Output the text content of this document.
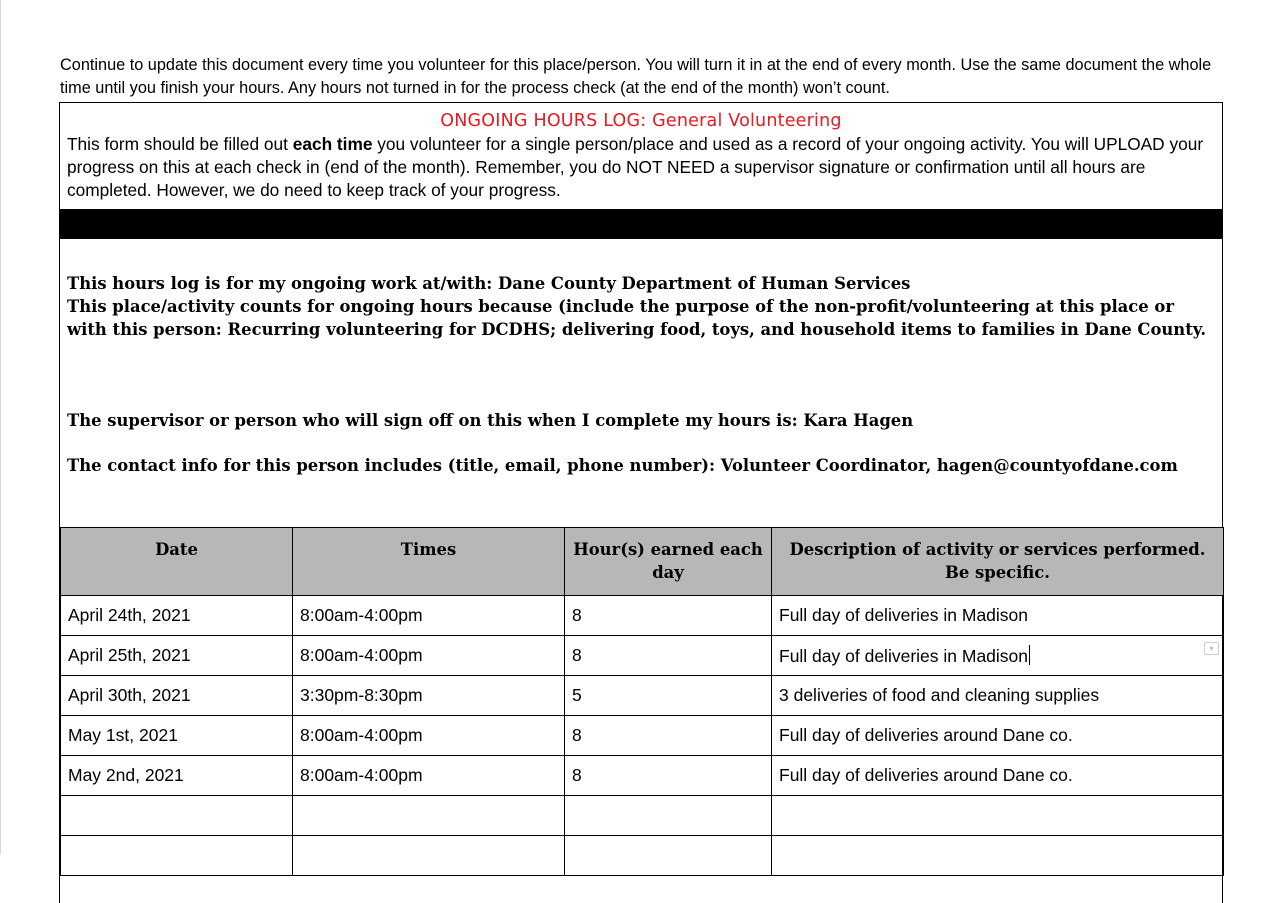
Continue to update this document every time you volunteer for this place/person. You will turn it in at the end of every month. Use the same document the whole time until you finish your hours. Any hours not turned in for the process check (at the end of the month) won’t count.
ONGOING HOURS LOG: General Volunteering
This form should be filled out each time you volunteer for a single person/place and used as a record of your ongoing activity. You will UPLOAD your progress on this at each check in (end of the month). Remember, you do NOT NEED a supervisor signature or confirmation until all hours are completed. However, we do need to keep track of your progress.
This hours log is for my ongoing work at/with: Dane County Department of Human Services
This place/activity counts for ongoing hours because (include the purpose of the non-profit/volunteering at this place or with this person: Recurring volunteering for DCDHS; delivering food, toys, and household items to families in Dane County.
The supervisor or person who will sign off on this when I complete my hours is: Kara Hagen
The contact info for this person includes (title, email, phone number): Volunteer Coordinator, hagen@countyofdane.com
Date	Times	Hour(s) earned each day	Description of activity or services performed. Be specific.
April 24th, 2021	8:00am-4:00pm	8	Full day of deliveries in Madison
April 25th, 2021	8:00am-4:00pm	8	Full day of deliveries in Madison ▾

April 30th, 2021	3:30pm-8:30pm	5	3 deliveries of food and cleaning supplies
May 1st, 2021	8:00am-4:00pm	8	Full day of deliveries around Dane co.
May 2nd, 2021	8:00am-4:00pm	8	Full day of deliveries around Dane co.
